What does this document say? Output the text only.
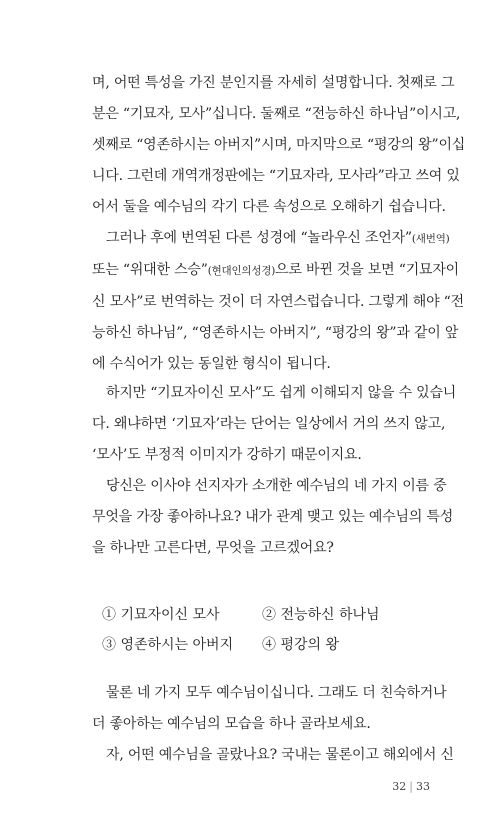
며, 어떤 특성을 가진 분인지를 자세히 설명합니다. 첫째로 그
분은 “기묘자, 모사”십니다. 둘째로 “전능하신 하나님”이시고,
셋째로 “영존하시는 아버지”시며, 마지막으로 “평강의 왕”이십
니다. 그런데 개역개정판에는 “기묘자라, 모사라”라고 쓰여 있
어서 둘을 예수님의 각기 다른 속성으로 오해하기 쉽습니다.

그러나 후에 번역된 다른 성경에 “놀라우신 조언자”(새번역)
또는 “위대한 스승”(현대인의성경)으로 바뀐 것을 보면 “기묘자이
신 모사”로 번역하는 것이 더 자연스럽습니다. 그렇게 해야 “전
능하신 하나님”, “영존하시는 아버지”, “평강의 왕”과 같이 앞
에 수식어가 있는 동일한 형식이 됩니다.

하지만 “기묘자이신 모사”도 쉽게 이해되지 않을 수 있습니
다. 왜냐하면 ‘기묘자’라는 단어는 일상에서 거의 쓰지 않고,
‘모사’도 부정적 이미지가 강하기 때문이지요.

당신은 이사야 선지자가 소개한 예수님의 네 가지 이름 중
무엇을 가장 좋아하나요? 내가 관계 맺고 있는 예수님의 특성
을 하나만 고른다면, 무엇을 고르겠어요?

① 기묘자이신 모사	② 전능하신 하나님
③ 영존하시는 아버지	④ 평강의 왕

물론 네 가지 모두 예수님이십니다. 그래도 더 친숙하거나
더 좋아하는 예수님의 모습을 하나 골라보세요.

자, 어떤 예수님을 골랐나요? 국내는 물론이고 해외에서 신

32 | 33
